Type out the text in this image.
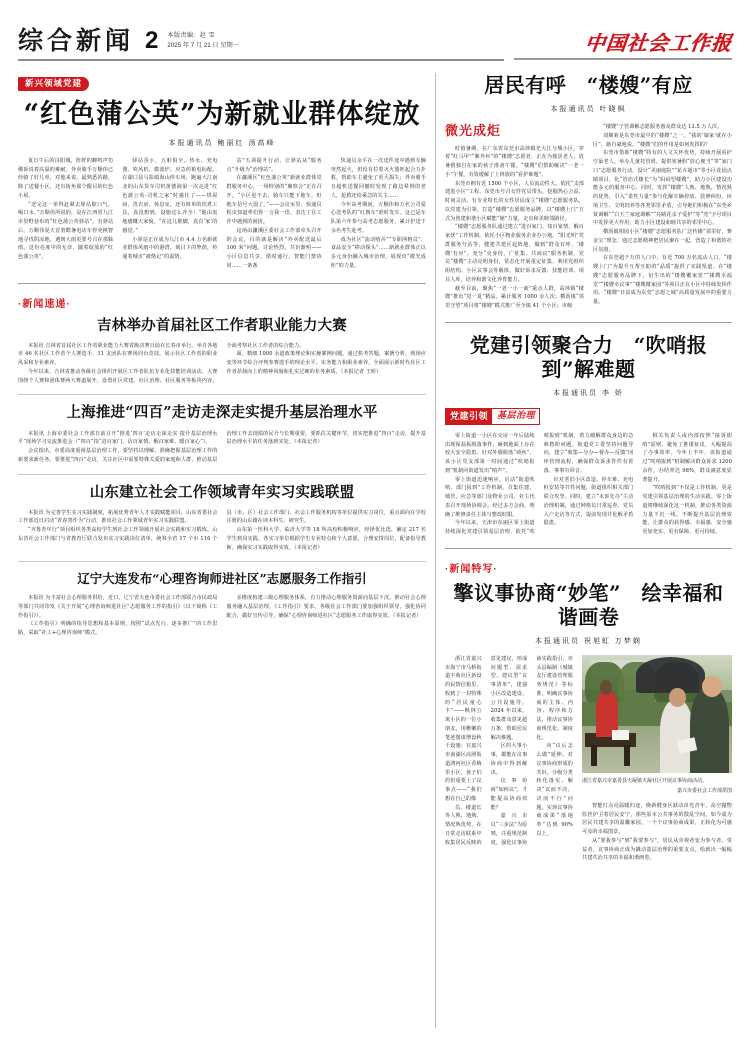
综合新闻 2 本版责编：赵 雪
2025 年 7 月 21 日 星期一	中国社会工作报
新兴领域党建
“红色蒲公英”为新就业群体绽放
本报通讯员 鲍丽红 汤高峰

夏日午后的浔阳城，阵阵的蝉鸣声仿佛诉说着高温的难耐。外卖骑手万顺伟已经骑了好几单，对他来说，最熟悉的路，除了送餐小区，还有街角那个醒目的红色小屋。

“送完这一单得赶紧去驿站歇口气，喝口水。”万顺伟所说的，是在江西省九江市里野巷布的“红色蒲公英驿站”。有驿站后，万顺伟夏天冒着酷暑电动车停充换智地寻找阴凉地，遇到大雨更要号召在那躲雨。这份亮度中的无奈，随着绽放的“红色蒲公英”。

驿站虽小，五脏俱全。热水、充电器、吹风机、微波炉、应急药箱电标配。在湖口县马影镇海山停车场，跑遍大江南北的山东货车司机黄德海第一次走进“红色蒲公英·司机之家”时感住了——烘屋间、洗衣房、休息室，还有简单的炊煮工具，真没想到，设施这么齐全！“他由衷地感慨大家貌。“在这儿歇脚，真有‘家’的感觉。”

小驿站正在成为九江市 4.4 万名新就业群体风雨中的港湾。刻目下的挚荫，传递着城市“被烙记”的温情。

站”五项提升行动，让驿站从“服务点”升级为“治理站”。

在濂溪区“红色蒲公英”新就业群体党群服务中心，一场特别的“廉察会”正在召开。“小区进不去，骑车只能下地车，但地车信号大弱了。”——会议室里，快递员程虫知道率们你一言我一语，表达了在工作中遇到的困扰。

这场由濂溪区委社会工作部牵头召开的会议，目的就是解决“外卖配送最后 100 米”问题。讨论热烈，共识渐明——小区信息共享、错时通行、智能门禁协同……一条条

快递员余平在一次送件途中遇到车辆突然起火，但没有拉着灭火器旺起合力扑救，帮助车主避免了更大损失；外卖骑手且超机送餐回撤时发现了路边晕倒的老人，抢救还给乘急的失主……

今年高考期间，万顺伟和万名公司爱心送考队的“红旗车”准时发车。这已是车队第六年参与高考志愿服务，累计护送千余名考生赴考。

成为社区“流动哨兵”“专职网格员”、食品安全“移动探头”……新就业群体正以多元身份融入城市治理，展现出“微光成炬”的力量。

·新闻速递·
吉林举办首届社区工作者职业能力大赛

本报讯 吉林省首届社区工作者职业能力大赛省级决赛日前在长春市举行。举自各地市 46 名社区工作者个人赛选手、11 支团队在赛场同台竞技，展示社区工作者的职业风采和专业素养。

今年以来，吉林省推动各级社会组织开展区工作者队伍专业化技能培训活动。大赛围绕个人赛和团体赛两大赛道展开，设置社区党建、社区治理、社区服务等板块内容，全面考察社区工作者的综合能力。

面、精细 1000 余道政策理论和实操案例问题，通过机考答题、案例分析、现场应变等环节综合评判参赛选手的理论水平、实务能力和职业素养，全面展示新时代社区工作者昂扬向上的精神风貌和扎实过硬的业务素质。（本报记者 王昕）

上海推进“四百”走访走深走实提升基层治理水平

本报讯 上海市委社会工作部日前召开“推进‘四百’走访走深走实 提升基层治理水平”现场学习交流推进会（“四百”指“进百家门、访百家情、解百家难、暖百家心”）。

会议指出，市委高度重视基层治理工作，要坚持以理解、准确把握基层治理工作的新要求新任务，要推进“四百”走访，关注社区中需要特殊关爱的家庭和人群，推动基层治理工作去现质的民升与长期重要，要抓住关键环节，切实把推进“四百”走访，提升基层治理水平的任务落到实处。（本报记者）

山东建立社会工作领域青年实习实践联盟

本报讯 为完善学生实习实践制度，拓展优秀青年人才实践赋能项目，山东省委社会工作部近日启动“青春善作为”行动，推出社会工作领域青年实习实践联盟。

“齐鲁青年行”项目组织各类高校学生到社会工作领域开展社会实践和实习锻炼。山东省社会工作部门与省教育厅联合发布实习实践岗位清单，统筹全省 17 个市 116 个县（市、区）社会工作部门、社会工作服务机构等单位提供实习岗位，重点面向在学校注册的山东籍在读本科生、研究生。

山东第一医科大学、临沂大学等 18 所高校积极响应，经择优比选，确定 217 名学生到岗实践。各实习单位根据学生专业特点和个人意愿，合理安排岗位，配备指导教师，确保实习实践取得实效。（本报记者）

辽宁大连发布“心理咨询师进社区”志愿服务工作指引

本报讯 为丰富社会心理服务供给，近日，辽宁省大连市委社会工作部联合市民政局等部门共同印发《关于开展“心理咨询师进社区”志愿服务工作的指引》（以下简称《工作指引》）。

《工作指引》明确的指导思想和基本原则，按照“试点先行、逐步推广”的工作思路，采取“社工+心理咨询师”模式。

多维度构建三级心理服务体系，有力推动心理服务资源向基层下沉，推动社会心理服务融入基层治理。《工作指引》要求，各级社会工作部门要加强组织领导，强化协同配合，做好宣传引导，确保“心理咨询师进社区”志愿服务工作取得实效。（本报记者）

居民有呼　“楼嫂”有应
本报通讯员 叶晓枫
微光成炬

时值暑期，在广东省东莞市高埗镇光大江与城小区，穿着“红马甲”“紫外衫”的“楼嫂”志愿者，正在为独居老人、放暑假独自在家的孩子准备午餐。“楼嫂”们帮助解决“一老一小”午餐，有效缓解了上班族的“看护难题”。

东莞市拥有近 1500 个小区，人员流动性大。依托“支部建进小区”工程，东莞市号召女性党员带头，挖掘热心公益、时间灵活、有专业特长的女性居民成立“楼嫂”志愿服务队，以党建为引领，打造“楼嫂”志愿服务品牌，以“楼嫂上门”方式为创建和谐小区赋能“她”力量，走出和美睦邻路径。

“楼嫂”志愿服务队通过建立“进百家门、知百家情、解百家忧”工作机制，依托小区物业服务企业办公地、“阳光明”党群服务分站等，健建共建区起阵地，做到“群众有呼、‘楼嫂’有应”。充分“亮身份、广征集、共商议”服务机制，党员“楼嫂”主动亮明身份，常态化开展重定征集、利用党组织组结构、小区议事会等载体，做好诉求反馈、技能培训、项目人库，培养和谐文化养育能力。

截至目前，聚焦“一老一小一新”重点人群，高埗镇“楼嫂”推出“觉一夏”精品，累计服务 1000 余人次；横沥镇“邻里守望”项目将“楼嫂”模式推广至全镇 41 个小区；市级

“楼嫂”子管调解志愿服务惠及群众达 13.5 万人次。

刘顺菊是东莞市最早的“楼嫂”之一。“我的‘娘家’就在小区”，她自豪地说。“楼嫂”们的作用是如何发挥的？

东莞市借助“楼嫂”特有的人文关怀优势，持续开展看护空巢老人、举办儿童托管班、提供寒暑假“放心便当”等“家门口”志愿服务行动，设计“美丽庭院”“花卉超市”等小区花园点睛项目，化“管治式楼长”为“码码型楼嫂”，助力小区建设功能多元的服务中心，同时，发挥“楼嫂”人熟、地熟、情况熟的优势，引入“柔性力量”参与化解车辆停放、装修纠纷、环境卫生、文明饲养等各类邻里矛盾，引导她们积极在“东莞乡贤调解”“白玉兰家庭调解”“亮睛花亲子爱护”等“莞”字号项目中发挥更大作用，助力小区建设和睦共享的邻里中心。

横沥镇相园小区“楼嫂”志愿服务队广泛传播“邻里好，赛金宝”理念，通过志愿精神把居民聚在一起，营造了和谐的社区氛围。

在东莞超千万的人口中，有近 700 万名流动人口。“楼嫂上门”为提升互帮互助的“品质”提供了实践渠道。在“楼嫂”志愿服务品牌下，衍生出的“楼嫂覆家宽”“楼嫂幸福堂”“楼嫂幸议事”“楼嫂微家园”等项目正在小区中持续发挥作用。“楼嫂”日益成为东莞“志愿之城”高质量发展中的重要力量。

党建引领聚合力　“吹哨报到”解难题
本报通讯员 李 娇
党建引领	基层治理

零上街道一小区在交房一年后陆续出现保温板脱落事件，砸到地面上存在较大安全隐患。针对外墙脱落“顽疾”，该小区党支部第一时间通过“吹哨报到”机制向街道发出“哨声”。

零上街道迅速响应，启动“街道吹哨、部门报到”工作机制，召集住建、城管、应急等部门及物业公司、业主代表召开现场协调会。经过多方会商，明确了维修责任主体与整改时限。

今年以来，天津市东丽区零上街道持续深化党建引领基层治理，依托“吹哨报到”机制，着力破解群众身边的急难愁盼问题。街道党工委坚持问题导向，建立“收集—分办—督办—反馈”闭环管理流程，确保群众诉求件件有着落、事事有回音。

针对老旧小区改造、停车难、充电桩安装等共性问题，街道组织相关部门联合攻坚。同时，建立“未诉先办”主动治理机制，通过网格员日常巡查、党员入户走访等方式，提前发现并化解矛盾隐患。

相关负责人或内部按照“接诉即哨”原则，避免了推诿扯皮，大幅提高了办事效率。今年上半年，该街道通过“吹哨报到”机制解决群众诉求 1200 余件，办结率达 98%，群众满意度显著提升。

“吹哨报到”不仅是工作机制，更是党建引领基层治理的生动实践。零上街道将继续深化这一机制，推动各类资源力量下沉一线，不断提升基层治理效能，让群众的获得感、幸福感、安全感更加充实、更有保障、更可持续。

·新闻特写·
擎议事协商“妙笔”　绘幸福和谐画卷
本报通讯员 祝旭虹 万梦娴

浙江省嘉兴市海宁市马桥街道丰收社区新设的民情信箱里，收到了一封特殊的“居民童心卡”——枫林公寓小区的一位小朋友，用稚嫩的笔迹图谈增设秋千设施；在嘉兴市南湖区高照街道鸿河社区香梅里小区，孩子们的但重要上了议事点——“我们想在自己的像

员、楼道长等人熟、地熟、情况熟优势，在日常走访联系中收集居民反映的意见建议，形成问题型、需求型、建议型“议事清单”，建强小区改造建设、公共设施等。2024 年以来，收集群众意见超万条，帮助居民解决难题。

区的大事小事，都能在议事协商中得到解决。

议事协商“如何议”，才能提高协商效能？

嘉兴市以“三步法”为原则，注重规范制度，强化议事协商实践指引，牵头县编制《城镇友厅建设管理服务规范》等标准，明确议事协商的主体、内容、程序和方法，推动议事协商规范化、制度化。

向“议后怎么做”延伸，对议事协商形成的共识，分级分类转化落实，解决“议而不决、决而不行”问题，实现议事协商成果“落地率”达到 90% 以上。

浙江省嘉兴市嘉善县天凝镇天凝社区开展议事协商活动。
嘉兴市委社会工作部供图

智能灯点亮温暖归途，焕新健身区跃动昂光青年，高空抛物监控护卫着居民安宁，那些原本公共事务的散乱空间，如今成为居民共建共享的温馨家园。一个个议事协商成果，正转化为可感可及的幸福图景。

从“要我参与”到“我要参与”，居民从旁观者变为参与者、受益者，议事协商正成为撬动基层治理的重要支点，绘就出一幅幅共建共治共享的幸福和谐画卷。
